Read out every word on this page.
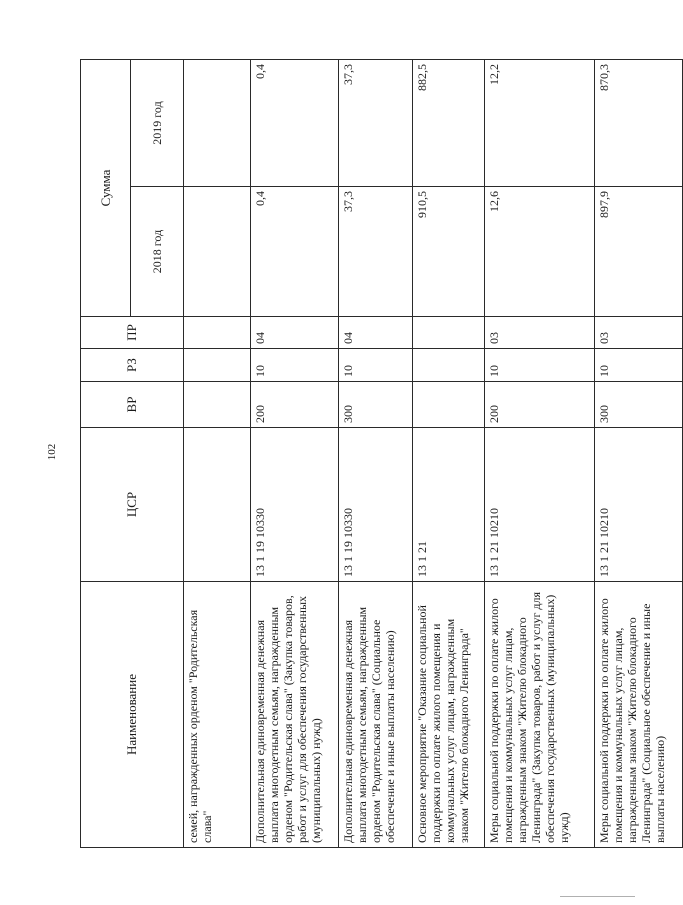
102
Наименование	ЦСР	ВР	РЗ	ПР	Сумма	
					2018 год	2019 год
семей, награжденных орденом "Родительская слава"						
Дополнительная единовременная денежная выплата многодетным семьям, награжденным орденом "Родительская слава" (Закупка товаров, работ и услуг для обеспечения государственных (муниципальных) нужд)	13 1 19 10330	200	10	04	0,4	0,4
Дополнительная единовременная денежная выплата многодетным семьям, награжденным орденом "Родительская слава" (Социальное обеспечение и иные выплаты населению)	13 1 19 10330	300	10	04	37,3	37,3
Основное мероприятие "Оказание социальной поддержки по оплате жилого помещения и коммунальных услуг лицам, награжденным знаком "Жителю блокадного Ленинграда"	13 1 21				910,5	882,5
Меры социальной поддержки по оплате жилого помещения и коммунальных услуг лицам, награжденным знаком "Жителю блокадного Ленинграда" (Закупка товаров, работ и услуг для обеспечения государственных (муниципальных) нужд)	13 1 21 10210	200	10	03	12,6	12,2
Меры социальной поддержки по оплате жилого помещения и коммунальных услуг лицам, награжденным знаком "Жителю блокадного Ленинграда" (Социальное обеспечение и иные выплаты населению)	13 1 21 10210	300	10	03	897,9	870,3
